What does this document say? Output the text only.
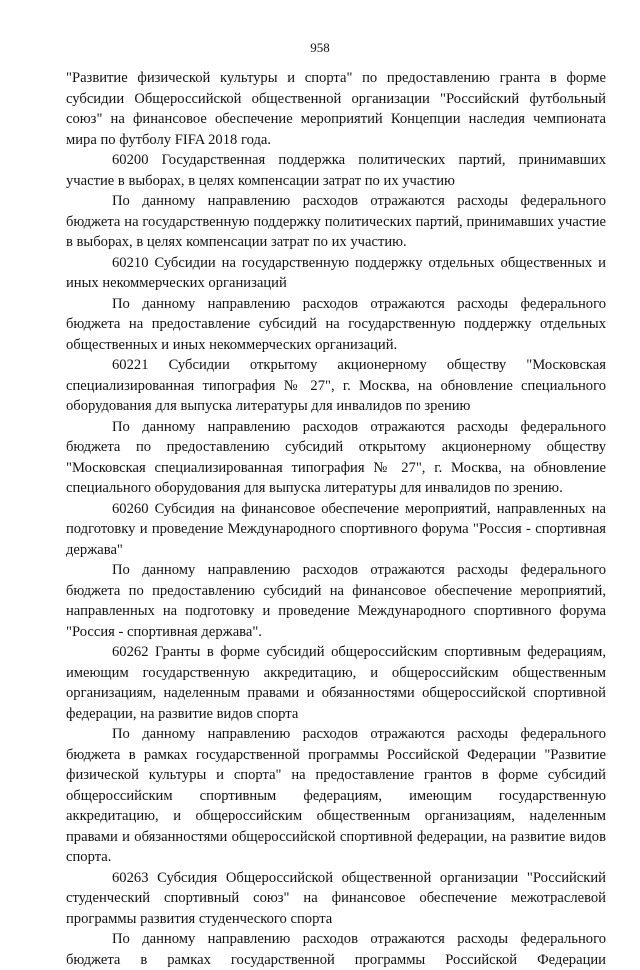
958

"Развитие физической культуры и спорта" по предоставлению гранта в форме субсидии Общероссийской общественной организации "Российский футбольный союз" на финансовое обеспечение мероприятий Концепции наследия чемпионата мира по футболу FIFA 2018 года.

60200 Государственная поддержка политических партий, принимавших участие в выборах, в целях компенсации затрат по их участию

По данному направлению расходов отражаются расходы федерального бюджета на государственную поддержку политических партий, принимавших участие в выборах, в целях компенсации затрат по их участию.

60210 Субсидии на государственную поддержку отдельных общественных и иных некоммерческих организаций

По данному направлению расходов отражаются расходы федерального бюджета на предоставление субсидий на государственную поддержку отдельных общественных и иных некоммерческих организаций.

60221 Субсидии открытому акционерному обществу "Московская специализированная типография № 27", г. Москва, на обновление специального оборудования для выпуска литературы для инвалидов по зрению

По данному направлению расходов отражаются расходы федерального бюджета по предоставлению субсидий открытому акционерному обществу "Московская специализированная типография № 27", г. Москва, на обновление специального оборудования для выпуска литературы для инвалидов по зрению.

60260 Субсидия на финансовое обеспечение мероприятий, направленных на подготовку и проведение Международного спортивного форума "Россия - спортивная держава"

По данному направлению расходов отражаются расходы федерального бюджета по предоставлению субсидий на финансовое обеспечение мероприятий, направленных на подготовку и проведение Международного спортивного форума "Россия - спортивная держава".

60262 Гранты в форме субсидий общероссийским спортивным федерациям, имеющим государственную аккредитацию, и общероссийским общественным организациям, наделенным правами и обязанностями общероссийской спортивной федерации, на развитие видов спорта

По данному направлению расходов отражаются расходы федерального бюджета в рамках государственной программы Российской Федерации "Развитие физической культуры и спорта" на предоставление грантов в форме субсидий общероссийским спортивным федерациям, имеющим государственную аккредитацию, и общероссийским общественным организациям, наделенным правами и обязанностями общероссийской спортивной федерации, на развитие видов спорта.

60263 Субсидия Общероссийской общественной организации "Российский студенческий спортивный союз" на финансовое обеспечение межотраслевой программы развития студенческого спорта

По данному направлению расходов отражаются расходы федерального бюджета в рамках государственной программы Российской Федерации
